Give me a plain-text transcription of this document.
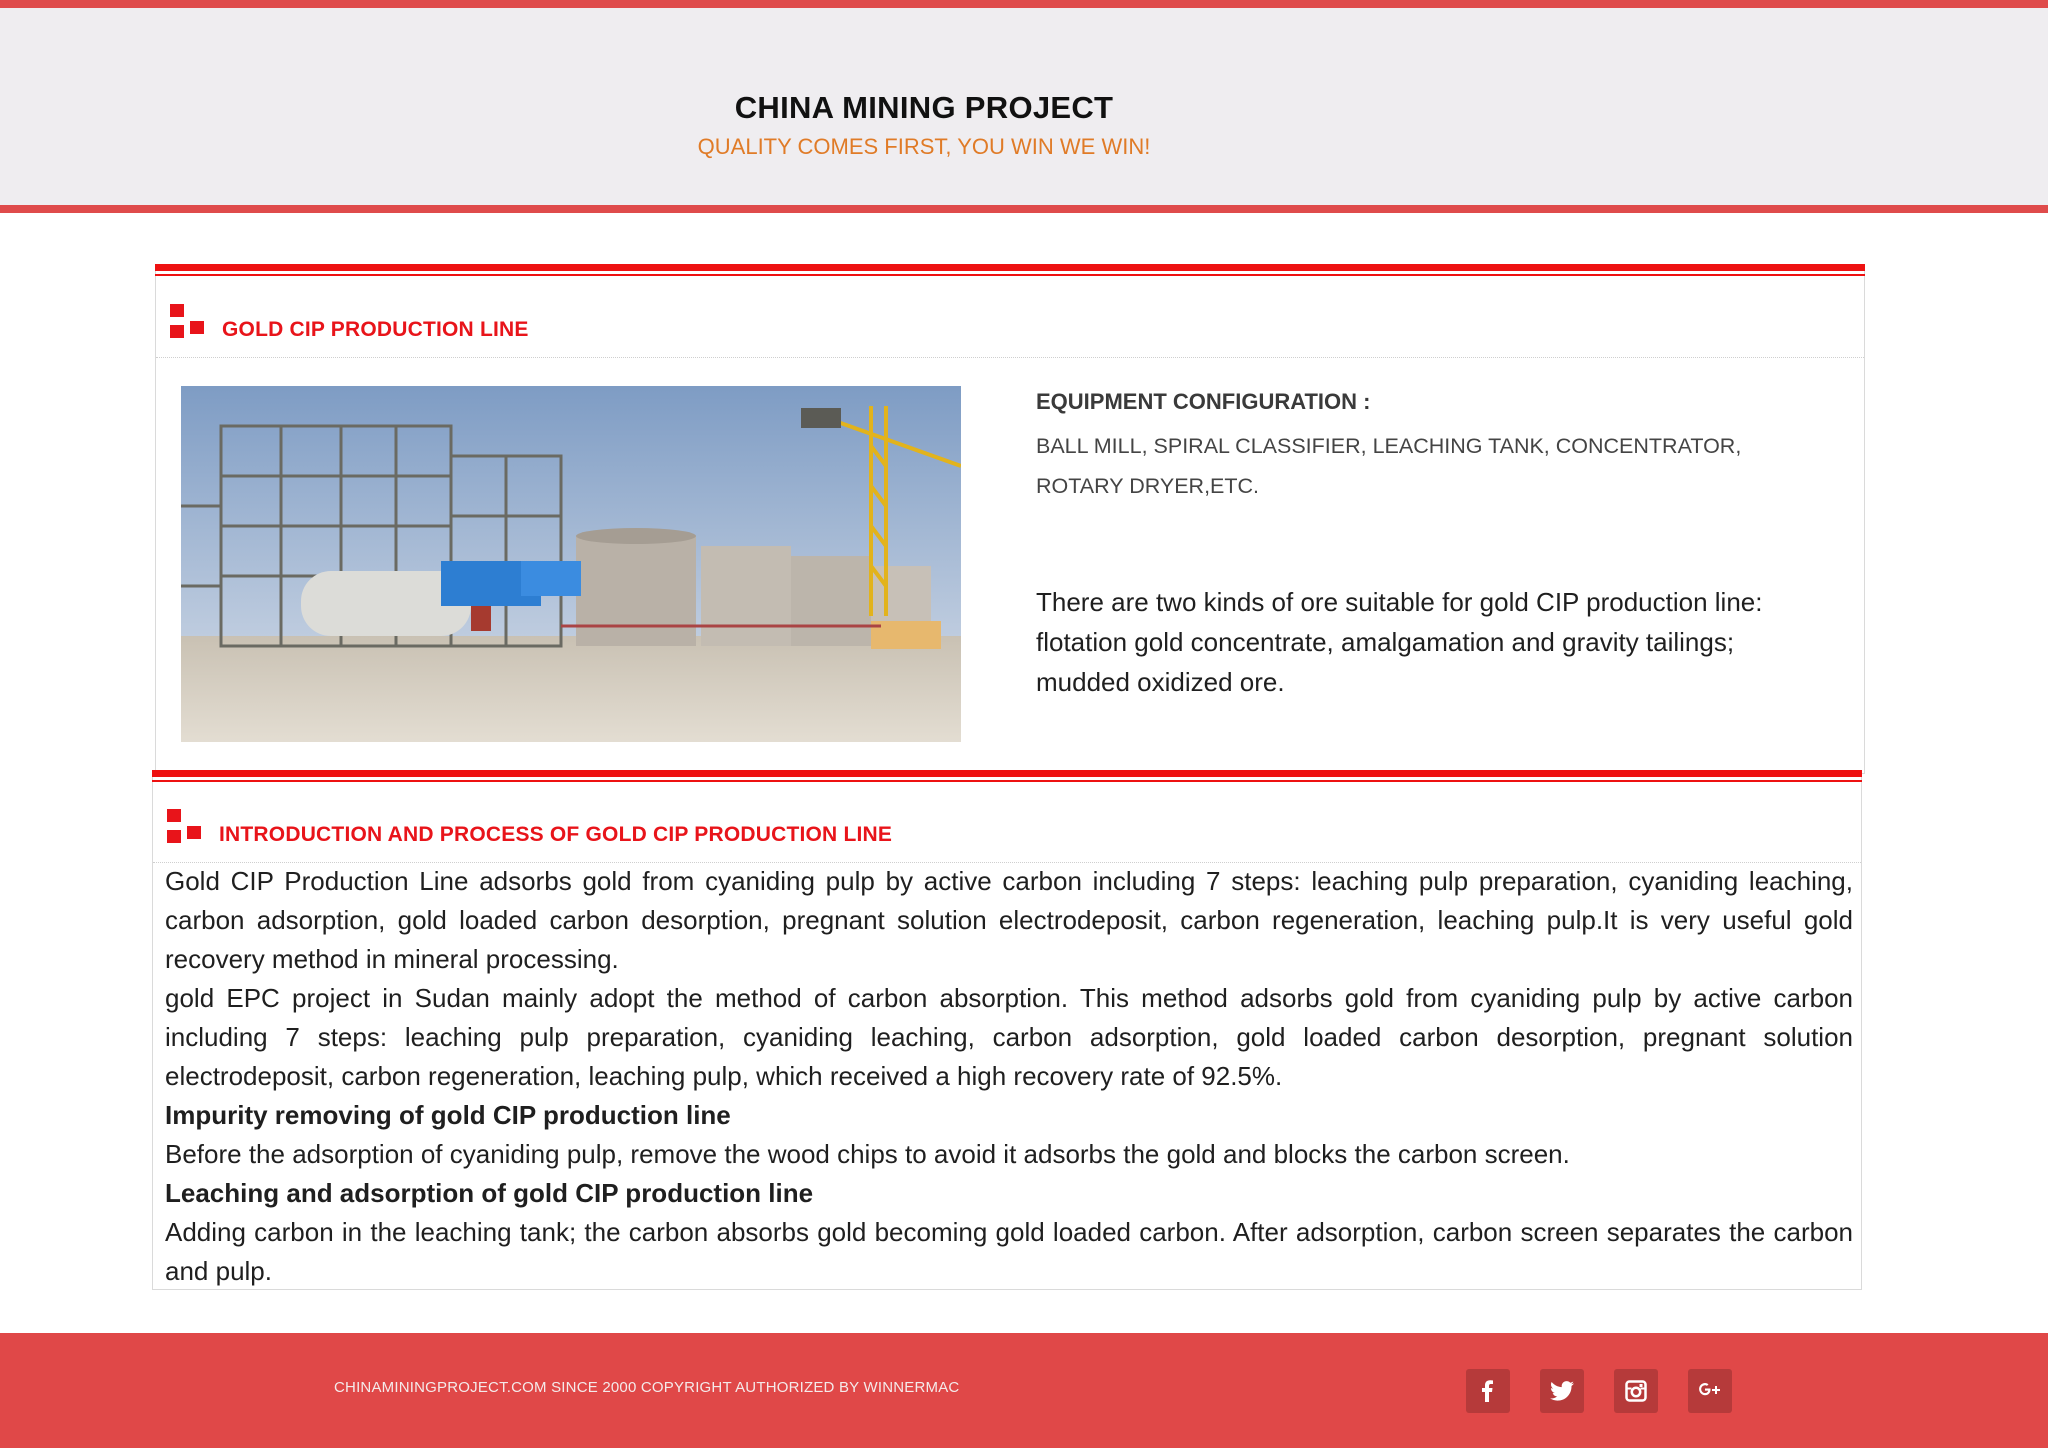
CHINA MINING PROJECT
QUALITY COMES FIRST, YOU WIN WE WIN!
GOLD CIP PRODUCTION LINE
EQUIPMENT CONFIGURATION :
BALL MILL, SPIRAL CLASSIFIER, LEACHING TANK, CONCENTRATOR, ROTARY DRYER,ETC.
There are two kinds of ore suitable for gold CIP production line: flotation gold concentrate, amalgamation and gravity tailings; mudded oxidized ore.
INTRODUCTION AND PROCESS OF GOLD CIP PRODUCTION LINE

Gold CIP Production Line adsorbs gold from cyaniding pulp by active carbon including 7 steps: leaching pulp preparation, cyaniding leaching, carbon adsorption, gold loaded carbon desorption, pregnant solution electrodeposit, carbon regeneration, leaching pulp.It is very useful gold recovery method in mineral processing.

gold EPC project in Sudan mainly adopt the method of carbon absorption. This method adsorbs gold from cyaniding pulp by active carbon including 7 steps: leaching pulp preparation, cyaniding leaching, carbon adsorption, gold loaded carbon desorption, pregnant solution electrodeposit, carbon regeneration, leaching pulp, which received a high recovery rate of 92.5%.

Impurity removing of gold CIP production line

Before the adsorption of cyaniding pulp, remove the wood chips to avoid it adsorbs the gold and blocks the carbon screen.

Leaching and adsorption of gold CIP production line

Adding carbon in the leaching tank; the carbon absorbs gold becoming gold loaded carbon. After adsorption, carbon screen separates the carbon and pulp.

CHINAMININGPROJECT.COM SINCE 2000 COPYRIGHT AUTHORIZED BY WINNERMAC
